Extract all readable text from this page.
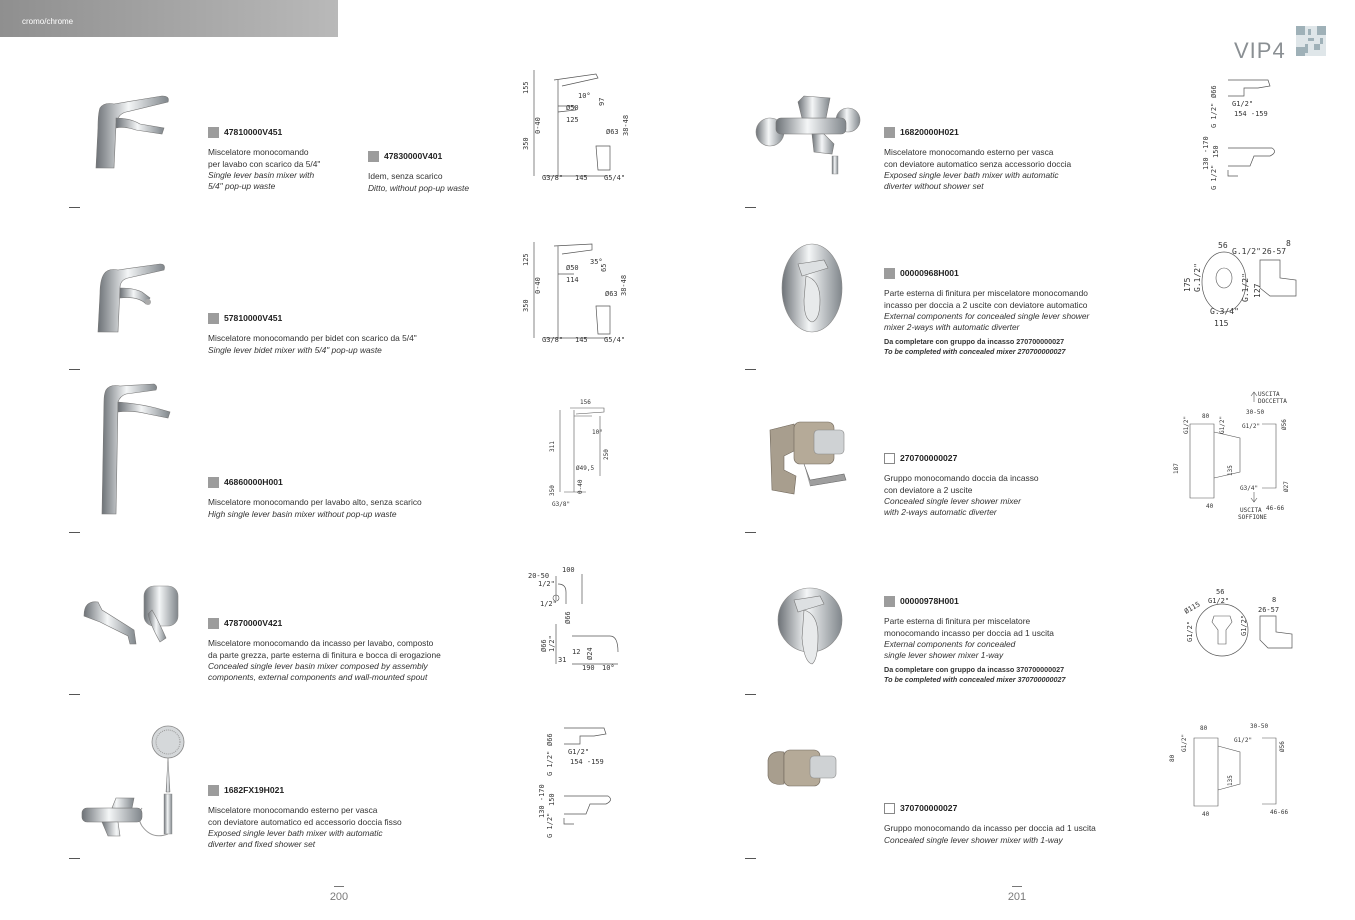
cromo/chrome
VIP4
47810000V451
Miscelatore monocomando
per lavabo con scarico da 5/4"
Single lever basin mixer with
5/4" pop-up waste
47830000V401
Idem, senza scarico
Ditto, without pop-up waste
155
10°
97
Ø50
0-40	125	38-48
Ø63
350
G3/8" 145 G5/4"
57810000V451
Miscelatore monocomando per bidet con scarico da 5/4"
Single lever bidet mixer with 5/4" pop-up waste
125	35°
65
Ø50
114
0-40	38-48
Ø63
350
G3/8" 145 G5/4"
46860000H001
Miscelatore monocomando per lavabo alto, senza scarico
High single lever basin mixer without pop-up waste
156
10°
311
250
Ø49,5
350	0-40
G3/8"
47870000V421
Miscelatore monocomando da incasso per lavabo, composto
da parte grezza, parte esterna di finitura e bocca di erogazione
Concealed single lever basin mixer composed by assembly
components, external components and wall-mounted spout
100
20-50
1/2"
1/2"
Ø66
Ø66 1/2" 12 Ø24
31
190 10°
1682FX19H021
Miscelatore monocomando esterno per vasca
con deviatore automatico ed accessorio doccia fisso
Exposed single lever bath mixer with automatic
diverter and fixed shower set
Ø66
G1/2"
154 -159
G 1/2"
130 -170 150
G 1/2"
200
16820000H021
Miscelatore monocomando esterno per vasca
con deviatore automatico senza accessorio doccia
Exposed single lever bath mixer with automatic
diverter without shower set
Ø66
G1/2"
154 -159
G 1/2"
130 -170 150
G 1/2"
00000968H001
Parte esterna di finitura per miscelatore monocomando
incasso per doccia a 2 uscite con deviatore automatico
External components for concealed single lever shower
mixer 2-ways with automatic diverter
Da completare con gruppo da incasso 270700000027
To be completed with concealed mixer 270700000027
56
G.1/2" 26-57
8
175 G.1/2"	G.1/2" 127
G.3/4"
115
270700000027
Gruppo monocomando doccia da incasso
con deviatore a 2 uscite
Concealed single lever shower mixer
with 2-ways automatic diverter
USCITA
DOCCETTA
80
30-50
G1/2"	G1/2"	G1/2"	Ø56
187	135
G3/4"	Ø27
40
USCITA
SOFFIONE
46-66
00000978H001
Parte esterna di finitura per miscelatore
monocomando incasso per doccia ad 1 uscita
External components for concealed
single lever shower mixer 1-way
Da completare con gruppo da incasso 370700000027
To be completed with concealed mixer 370700000027
56
G1/2"	8
Ø115	26-57
G1/2"	G1/2"
370700000027
Gruppo monocomando da incasso per doccia ad 1 uscita
Concealed single lever shower mixer with 1-way
80	30-50
G1/2"	G1/2"
Ø56
80
135
40	46-66
201
